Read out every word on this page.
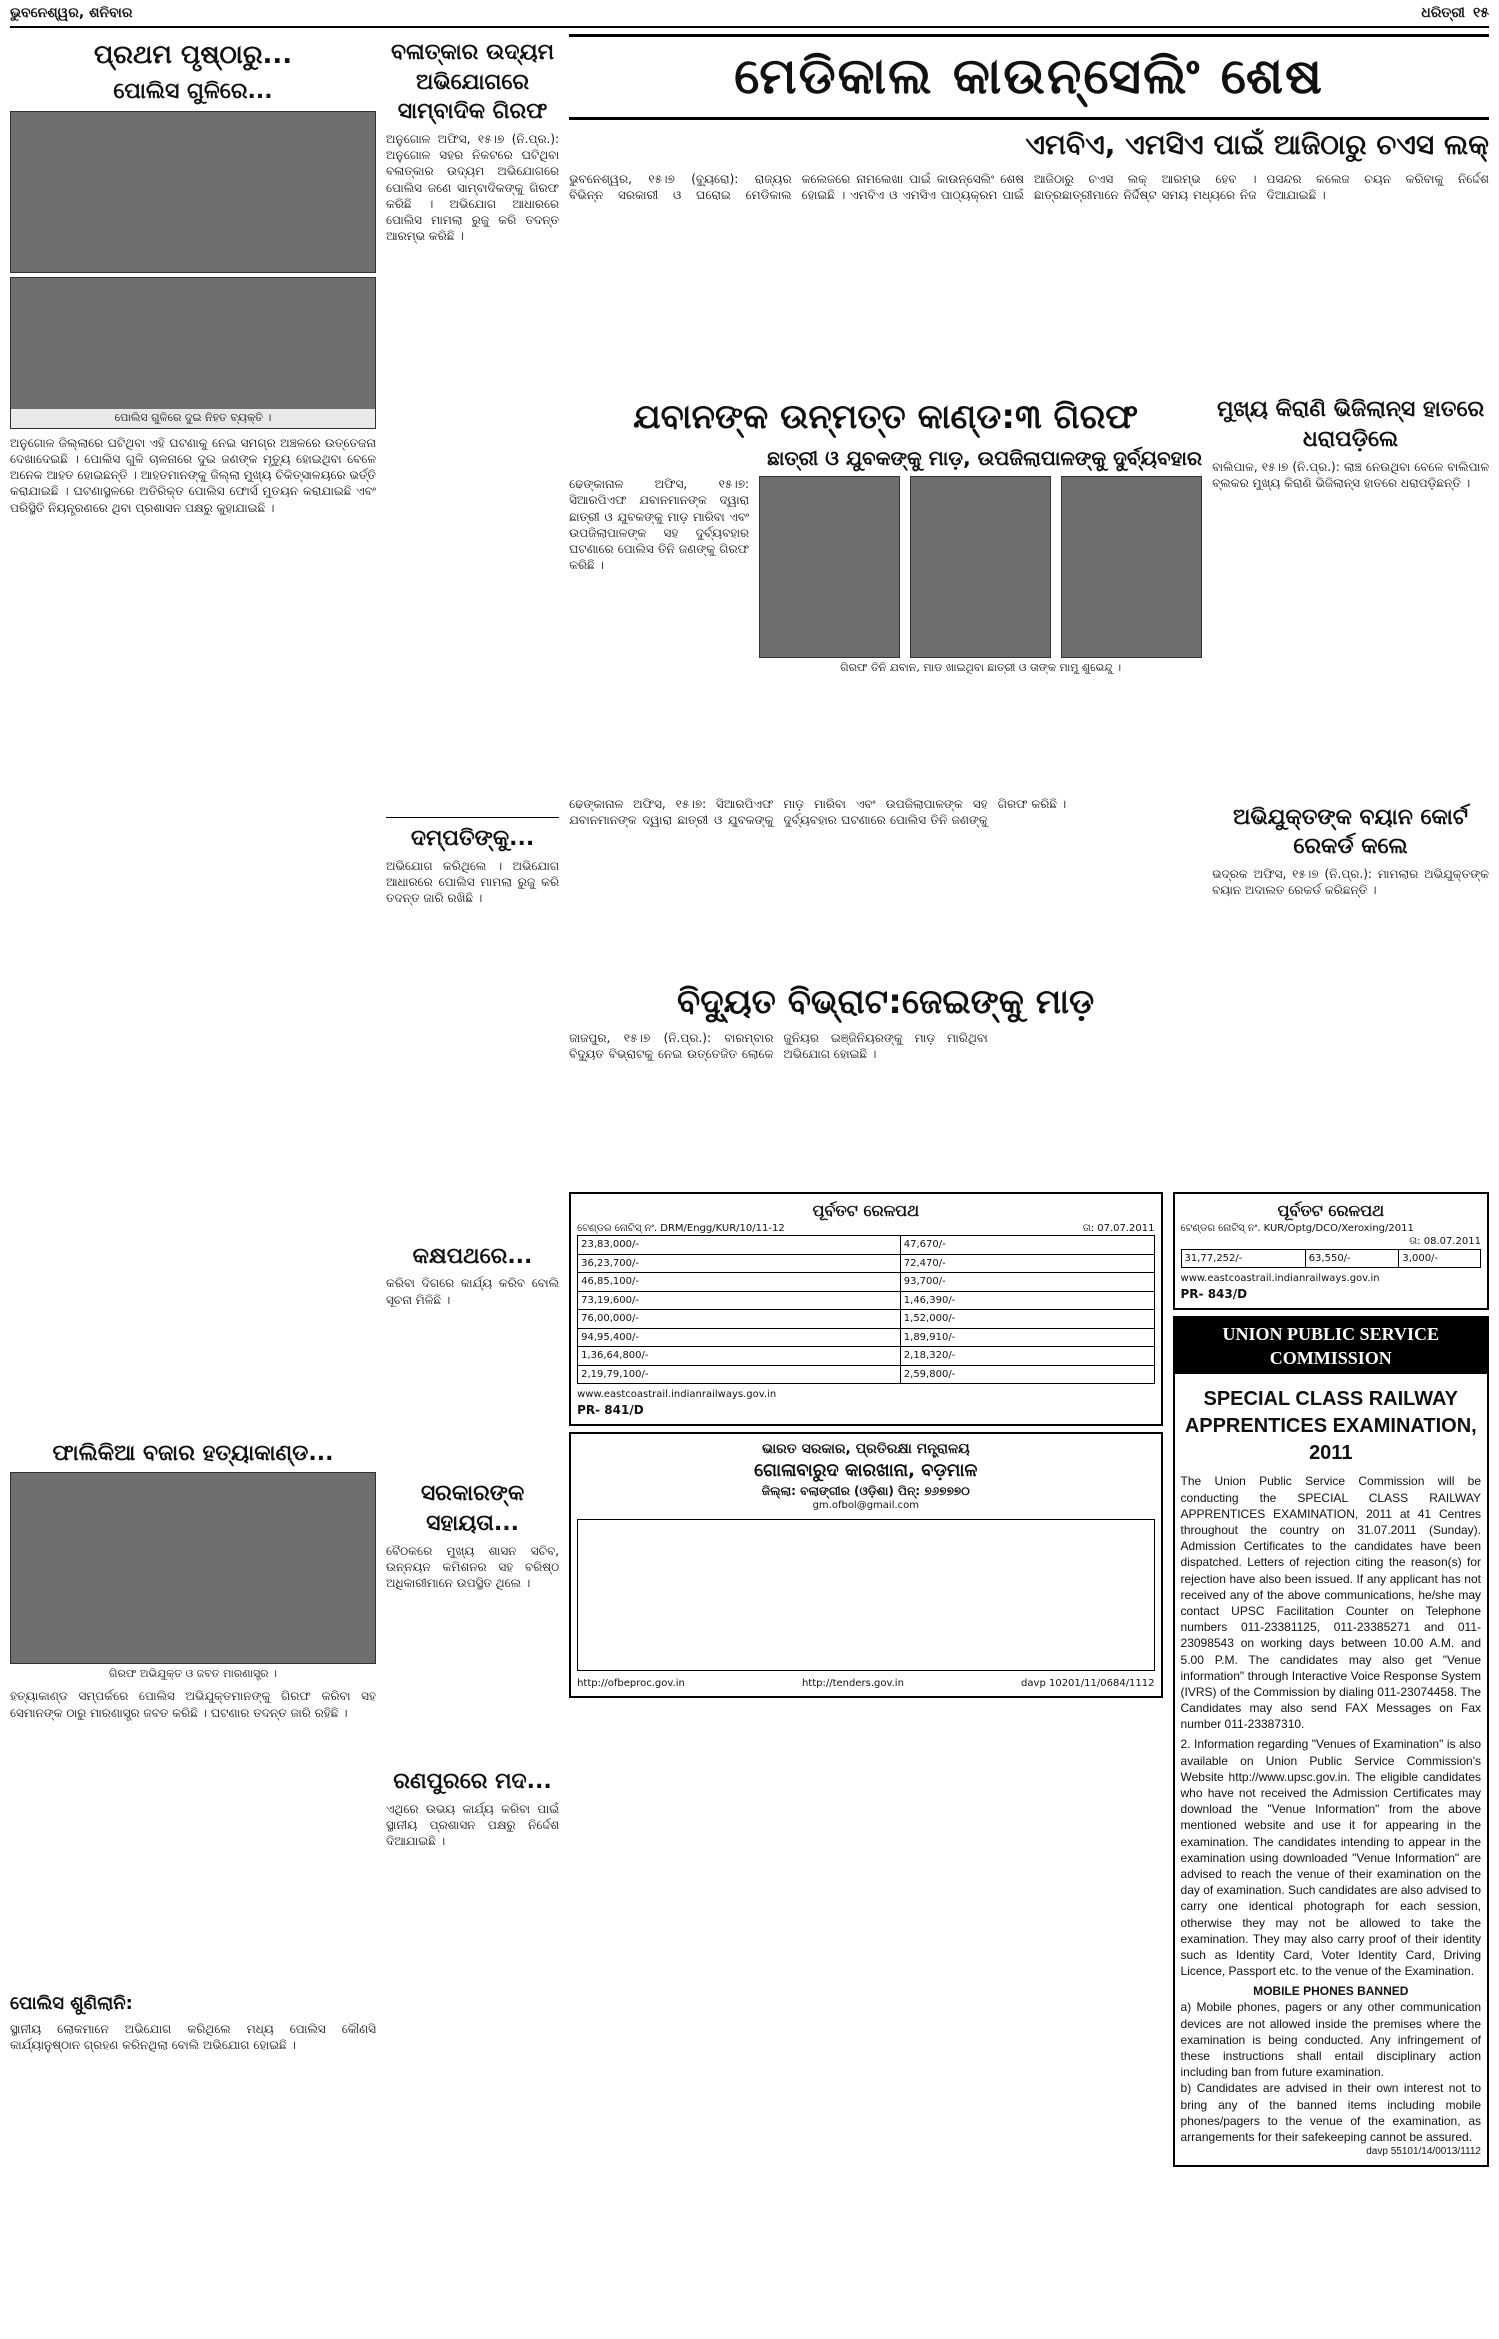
ଭୁବନେଶ୍ୱର, ଶନିବାର	ଧରିତ୍ରୀ ୧୫
ପ୍ରଥମ ପୃଷ୍ଠାରୁ...
ପୋଲିସ ଗୁଳିରେ...
ପୋଲିସ ଗୁଳିରେ ଦୁଇ ନିହତ ବ୍ୟକ୍ତି ।
ଅନୁଗୋଳ ଜିଲ୍ଲାରେ ଘଟିଥିବା ଏହି ଘଟଣାକୁ ନେଇ ସମଗ୍ର ଅଞ୍ଚଳରେ ଉତ୍ତେଜନା ଦେଖାଦେଇଛି । ପୋଲିସ ଗୁଳି ଚାଳନାରେ ଦୁଇ ଜଣଙ୍କ ମୃତ୍ୟୁ ହୋଇଥିବା ବେଳେ ଅନେକ ଆହତ ହୋଇଛନ୍ତି । ଆହତମାନଙ୍କୁ ଜିଲ୍ଲା ମୁଖ୍ୟ ଚିକିତ୍ସାଳୟରେ ଭର୍ତ୍ତି କରାଯାଇଛି । ଘଟଣାସ୍ଥଳରେ ଅତିରିକ୍ତ ପୋଲିସ ଫୋର୍ସ ମୁତୟନ କରାଯାଇଛି ଏବଂ ପରିସ୍ଥିତି ନିୟନ୍ତ୍ରଣରେ ଥିବା ପ୍ରଶାସନ ପକ୍ଷରୁ କୁହାଯାଇଛି ।
ଫାଲିକିଆ ବଜାର ହତ୍ୟାକାଣ୍ଡ...
ଗିରଫ ଅଭିଯୁକ୍ତ ଓ ଜବତ ମାରଣାସ୍ତ୍ର ।
ହତ୍ୟାକାଣ୍ଡ ସମ୍ପର୍କରେ ପୋଲିସ ଅଭିଯୁକ୍ତମାନଙ୍କୁ ଗିରଫ କରିବା ସହ ସେମାନଙ୍କ ଠାରୁ ମାରଣାସ୍ତ୍ର ଜବତ କରିଛି । ଘଟଣାର ତଦନ୍ତ ଜାରି ରହିଛି ।
ପୋଲିସ ଶୁଣିଲାନି:
ସ୍ଥାନୀୟ ଲୋକମାନେ ଅଭିଯୋଗ କରିଥିଲେ ମଧ୍ୟ ପୋଲିସ କୌଣସି କାର୍ଯ୍ୟାନୁଷ୍ଠାନ ଗ୍ରହଣ କରିନଥିଲା ବୋଲି ଅଭିଯୋଗ ହୋଇଛି ।
ବଳାତ୍କାର ଉଦ୍ୟମ ଅଭିଯୋଗରେ ସାମ୍ବାଦିକ ଗିରଫ
ଅନୁଗୋଳ ଅଫିସ, ୧୫।୭ (ନି.ପ୍ର.): ଅନୁଗୋଳ ସହର ନିକଟରେ ଘଟିଥିବା ବଳାତ୍କାର ଉଦ୍ୟମ ଅଭିଯୋଗରେ ପୋଲିସ ଜଣେ ସାମ୍ବାଦିକଙ୍କୁ ଗିରଫ କରିଛି । ଅଭିଯୋଗ ଆଧାରରେ ପୋଲିସ ମାମଲା ରୁଜୁ କରି ତଦନ୍ତ ଆରମ୍ଭ କରିଛି ।
ଦମ୍ପତିଙ୍କୁ...
ଅଭିଯୋଗ କରିଥିଲେ । ଅଭିଯୋଗ ଆଧାରରେ ପୋଲିସ ମାମଲା ରୁଜୁ କରି ତଦନ୍ତ ଜାରି ରଖିଛି ।
କକ୍ଷପଥରେ...
କରିବା ଦିଗରେ କାର୍ଯ୍ୟ କରିବ ବୋଲି ସୂଚନା ମିଳିଛି ।
ସରକାରଙ୍କ ସହାୟତା...
ବୈଠକରେ ମୁଖ୍ୟ ଶାସନ ସଚିବ, ଉନ୍ନୟନ କମିଶନର ସହ ବରିଷ୍ଠ ଅଧିକାରୀମାନେ ଉପସ୍ଥିତ ଥିଲେ ।
ରଣପୁରରେ ମଦ...
ଏଥିରେ ଉଭୟ କାର୍ଯ୍ୟ କରିବା ପାଇଁ ସ୍ଥାନୀୟ ପ୍ରଶାସନ ପକ୍ଷରୁ ନିର୍ଦ୍ଦେଶ ଦିଆଯାଇଛି ।
ମେଡିକାଲ କାଉନ୍‌ସେଲିଂ ଶେଷ
ଏମବିଏ, ଏମସିଏ ପାଇଁ ଆଜିଠାରୁ ଚଏସ ଲକ୍‌
ଭୁବନେଶ୍ୱର, ୧୫।୭ (ବ୍ୟୁରୋ): ରାଜ୍ୟର ବିଭିନ୍ନ ସରକାରୀ ଓ ଘରୋଇ ମେଡିକାଲ କଲେଜରେ ନାମଲେଖା ପାଇଁ କାଉନ୍‌ସେଲିଂ ଶେଷ ହୋଇଛି । ଏମବିଏ ଓ ଏମସିଏ ପାଠ୍ୟକ୍ରମ ପାଇଁ ଆଜିଠାରୁ ଚଏସ ଲକ୍‌ ଆରମ୍ଭ ହେବ । ଛାତ୍ରଛାତ୍ରୀମାନେ ନିର୍ଦ୍ଦିଷ୍ଟ ସମୟ ମଧ୍ୟରେ ନିଜ ପସନ୍ଦର କଲେଜ ଚୟନ କରିବାକୁ ନିର୍ଦ୍ଦେଶ ଦିଆଯାଇଛି ।
ଯବାନଙ୍କ ଉନ୍ମତ୍ତ କାଣ୍ଡ:୩ ଗିରଫ
ଛାତ୍ରୀ ଓ ଯୁବକଙ୍କୁ ମାଡ଼, ଉପଜିଲାପାଳଙ୍କୁ ଦୁର୍ବ୍ୟବହାର
ଢେଙ୍କାନାଳ ଅଫିସ, ୧୫।୭: ସିଆରପିଏଫ ଯବାନମାନଙ୍କ ଦ୍ୱାରା ଛାତ୍ରୀ ଓ ଯୁବକଙ୍କୁ ମାଡ଼ ମାରିବା ଏବଂ ଉପଜିଲାପାଳଙ୍କ ସହ ଦୁର୍ବ୍ୟବହାର ଘଟଣାରେ ପୋଲିସ ତିନି ଜଣଙ୍କୁ ଗିରଫ କରିଛି ।
ଗିରଫ ତିନି ଯବାନ, ମାଡ ଖାଇଥିବା ଛାତ୍ରୀ ଓ ତାଙ୍କ ମାମୁ ଶୁଭେନ୍ଦୁ ।
ଢେଙ୍କାନାଳ ଅଫିସ, ୧୫।୭: ସିଆରପିଏଫ ଯବାନମାନଙ୍କ ଦ୍ୱାରା ଛାତ୍ରୀ ଓ ଯୁବକଙ୍କୁ ମାଡ଼ ମାରିବା ଏବଂ ଉପଜିଲାପାଳଙ୍କ ସହ ଦୁର୍ବ୍ୟବହାର ଘଟଣାରେ ପୋଲିସ ତିନି ଜଣଙ୍କୁ ଗିରଫ କରିଛି ।
ବିଦ୍ୟୁତ ବିଭ୍ରାଟ:ଜେଇଙ୍କୁ ମାଡ଼
ଜାଜପୁର, ୧୫।୭ (ନି.ପ୍ର.): ବାରମ୍ବାର ବିଦ୍ୟୁତ ବିଭ୍ରାଟକୁ ନେଇ ଉତ୍ତେଜିତ ଲୋକେ ଜୁନିୟର ଇଞ୍ଜିନିୟରଙ୍କୁ ମାଡ଼ ମାରିଥିବା ଅଭିଯୋଗ ହୋଇଛି ।
ମୁଖ୍ୟ କିରାଣି ଭିଜିଲାନ୍ସ ହାତରେ ଧରାପଡ଼ିଲେ
ବାଲିପାଳ, ୧୫।୭ (ନି.ପ୍ର.): ଲାଞ୍ଚ ନେଉଥିବା ବେଳେ ବାଲିପାଳ ବ୍ଲକର ମୁଖ୍ୟ କିରାଣି ଭିଜିଲାନ୍ସ ହାତରେ ଧରାପଡ଼ିଛନ୍ତି ।
ଅଭିଯୁକ୍ତଙ୍କ ବୟାନ କୋର୍ଟ ରେକର୍ଡ କଲେ
ଭଦ୍ରକ ଅଫିସ, ୧୫।୭ (ନି.ପ୍ର.): ମାମଲାର ଅଭିଯୁକ୍ତଙ୍କ ବୟାନ ଅଦାଲତ ରେକର୍ଡ କରିଛନ୍ତି ।
ପୂର୍ବତଟ ରେଳପଥ
ଟେଣ୍ଡର ନୋଟିସ୍‌ ନଂ. DRM/Engg/KUR/10/11-12	ତା: 07.07.2011
23,83,000/-	47,670/-
36,23,700/-	72,470/-
46,85,100/-	93,700/-
73,19,600/-	1,46,390/-
76,00,000/-	1,52,000/-
94,95,400/-	1,89,910/-
1,36,64,800/-	2,18,320/-
2,19,79,100/-	2,59,800/-
www.eastcoastrail.indianrailways.gov.in
PR- 841/D
ଭାରତ ସରକାର, ପ୍ରତିରକ୍ଷା ମନ୍ତ୍ରାଳୟ
ଗୋଳାବାରୁଦ କାରଖାନା, ବଡ଼ମାଳ
ଜିଲ୍ଲା: ବଲାଙ୍ଗୀର (ଓଡ଼ିଶା) ପିନ୍‌: ୭୬୭୭୭୦
gm.ofbol@gmail.com
http://ofbeproc.gov.in	http://tenders.gov.in	davp 10201/11/0684/1112
ପୂର୍ବତଟ ରେଳପଥ
ଟେଣ୍ଡର ନୋଟିସ୍‌ ନଂ. KUR/Optg/DCO/Xeroxing/2011
ତା: 08.07.2011
31,77,252/-	63,550/-	3,000/-
www.eastcoastrail.indianrailways.gov.in
PR- 843/D
UNION PUBLIC SERVICE COMMISSION
SPECIAL CLASS RAILWAY APPRENTICES EXAMINATION, 2011
The Union Public Service Commission will be conducting the SPECIAL CLASS RAILWAY APPRENTICES EXAMINATION, 2011 at 41 Centres throughout the country on 31.07.2011 (Sunday). Admission Certificates to the candidates have been dispatched. Letters of rejection citing the reason(s) for rejection have also been issued. If any applicant has not received any of the above communications, he/she may contact UPSC Facilitation Counter on Telephone numbers 011-23381125, 011-23385271 and 011-23098543 on working days between 10.00 A.M. and 5.00 P.M. The candidates may also get "Venue information" through Interactive Voice Response System (IVRS) of the Commission by dialing 011-23074458. The Candidates may also send FAX Messages on Fax number 011-23387310.
2. Information regarding "Venues of Examination" is also available on Union Public Service Commission's Website http://www.upsc.gov.in. The eligible candidates who have not received the Admission Certificates may download the "Venue Information" from the above mentioned website and use it for appearing in the examination. The candidates intending to appear in the examination using downloaded "Venue Information" are advised to reach the venue of their examination on the day of examination. Such candidates are also advised to carry one identical photograph for each session, otherwise they may not be allowed to take the examination. They may also carry proof of their identity such as Identity Card, Voter Identity Card, Driving Licence, Passport etc. to the venue of the Examination.
MOBILE PHONES BANNED
a) Mobile phones, pagers or any other communication devices are not allowed inside the premises where the examination is being conducted. Any infringement of these instructions shall entail disciplinary action including ban from future examination.
b) Candidates are advised in their own interest not to bring any of the banned items including mobile phones/pagers to the venue of the examination, as arrangements for their safekeeping cannot be assured.
davp 55101/14/0013/1112
